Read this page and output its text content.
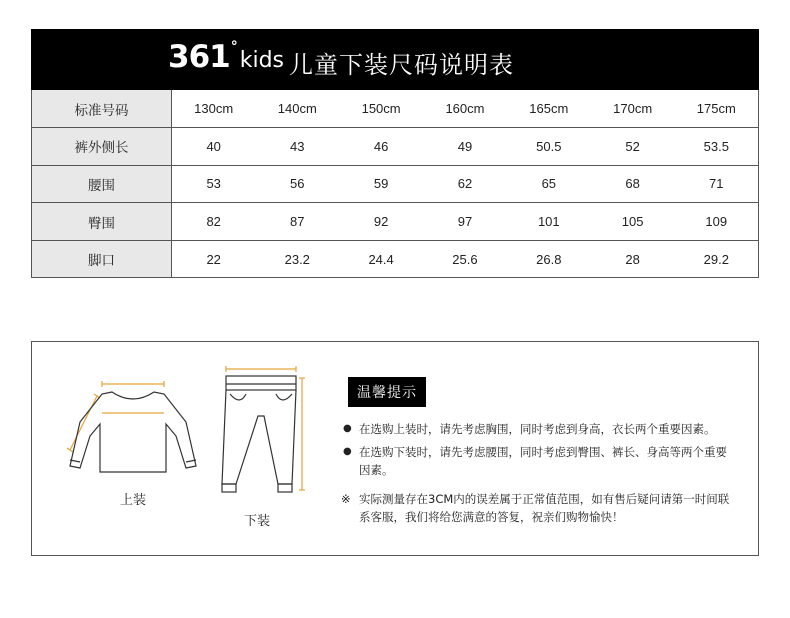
361 °
kids 儿童下装尺码说明表
标准号码	130cm	140cm	150cm	160cm	165cm	170cm	175cm
裤外侧长	40	43	46	49	50.5	52	53.5
腰围	53	56	59	62	65	68	71
臀围	82	87	92	97	101	105	109
脚口	22	23.2	24.4	25.6	26.8	28	29.2
上装
下装
温馨提示
● 在选购上装时，请先考虑胸围，同时考虑到身高，衣长两个重要因素。
● 在选购下装时，请先考虑腰围，同时考虑到臀围、裤长、身高等两个重要因素。
※ 实际测量存在3CM内的误差属于正常值范围，如有售后疑问请第一时间联系客服，我们将给您满意的答复，祝亲们购物愉快！
